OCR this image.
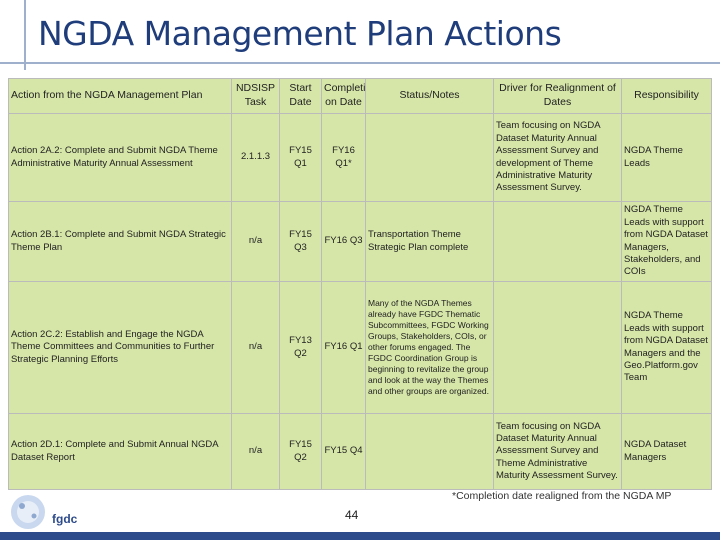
NGDA Management Plan Actions
Action from the NGDA Management Plan	NDSISP Task	Start Date	Completi on Date	Status/Notes	Driver for Realignment of Dates	Responsibility
Action 2A.2: Complete and Submit NGDA Theme Administrative Maturity Annual Assessment	2.1.1.3	FY15 Q1	FY16 Q1*		Team focusing on NGDA Dataset Maturity Annual Assessment Survey and development of Theme Administrative Maturity Assessment Survey.	NGDA Theme Leads
Action 2B.1: Complete and Submit NGDA Strategic Theme Plan	n/a	FY15 Q3	FY16 Q3	Transportation Theme Strategic Plan complete		NGDA Theme Leads with support from NGDA Dataset Managers, Stakeholders, and COIs
Action 2C.2: Establish and Engage the NGDA Theme Committees and Communities to Further Strategic Planning Efforts	n/a	FY13 Q2	FY16 Q1	Many of the NGDA Themes already have FGDC Thematic Subcommittees, FGDC Working Groups, Stakeholders, COIs, or other forums engaged. The FGDC Coordination Group is beginning to revitalize the group and look at the way the Themes and other groups are organized.		NGDA Theme Leads with support from NGDA Dataset Managers and the Geo.Platform.gov Team
Action 2D.1: Complete and Submit Annual NGDA Dataset Report	n/a	FY15 Q2	FY15 Q4		Team focusing on NGDA Dataset Maturity Annual Assessment Survey and Theme Administrative Maturity Assessment Survey.	NGDA Dataset Managers
*Completion date realigned from the NGDA MP
fgdc	44
